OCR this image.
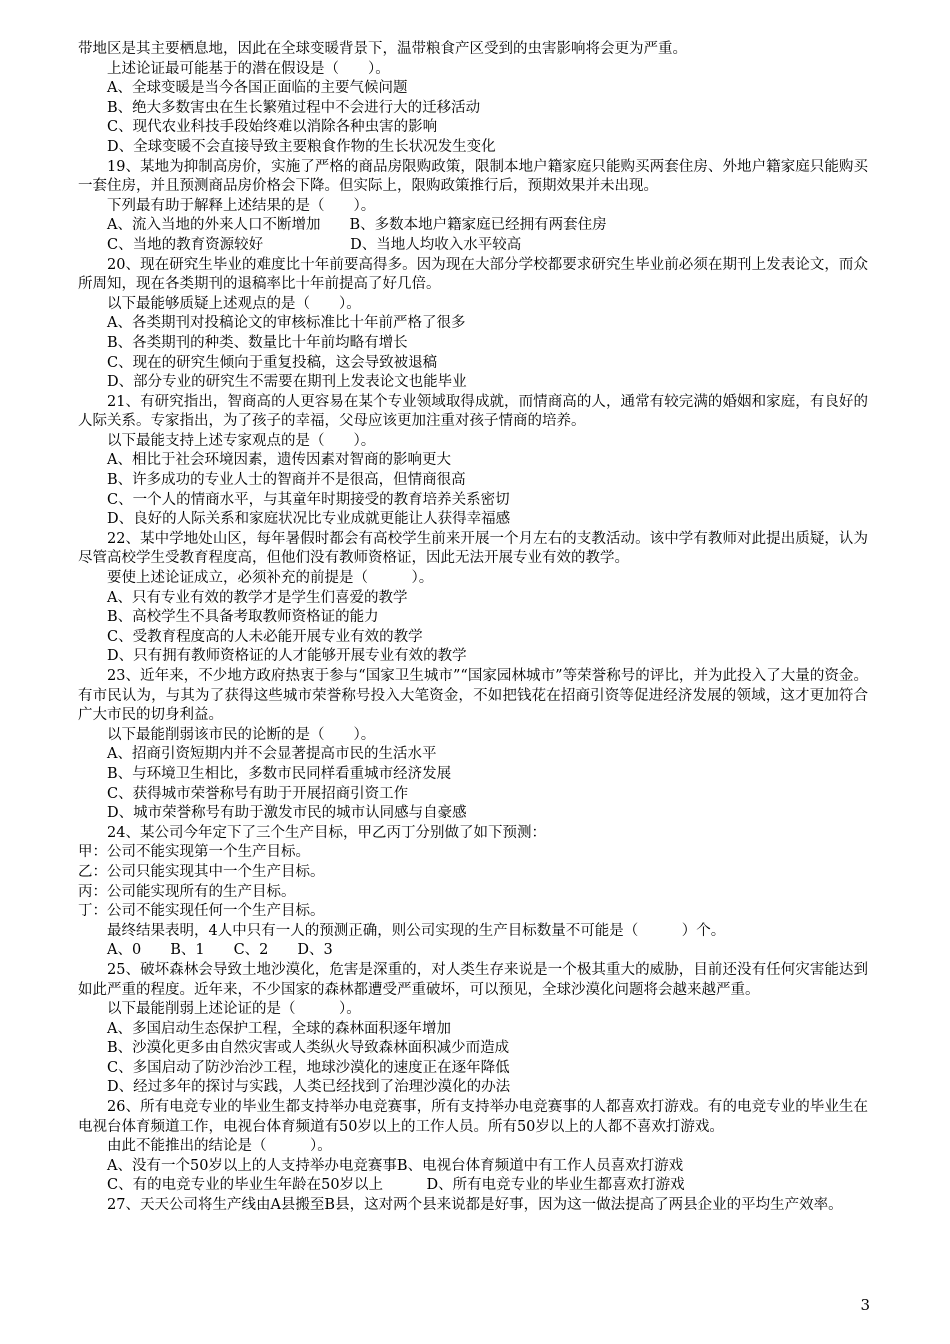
带地区是其主要栖息地，因此在全球变暖背景下，温带粮食产区受到的虫害影响将会更为严重。

上述论证最可能基于的潜在假设是（　　）。

A、全球变暖是当今各国正面临的主要气候问题

B、绝大多数害虫在生长繁殖过程中不会进行大的迁移活动

C、现代农业科技手段始终难以消除各种虫害的影响

D、全球变暖不会直接导致主要粮食作物的生长状况发生变化

19、某地为抑制高房价，实施了严格的商品房限购政策，限制本地户籍家庭只能购买两套住房、外地户籍家庭只能购买一套住房，并且预测商品房价格会下降。但实际上，限购政策推行后，预期效果并未出现。

下列最有助于解释上述结果的是（　　）。

A、流入当地的外来人口不断增加　　B、多数本地户籍家庭已经拥有两套住房

C、当地的教育资源较好　　　　　　D、当地人均收入水平较高

20、现在研究生毕业的难度比十年前要高得多。因为现在大部分学校都要求研究生毕业前必须在期刊上发表论文，而众所周知，现在各类期刊的退稿率比十年前提高了好几倍。

以下最能够质疑上述观点的是（　　）。

A、各类期刊对投稿论文的审核标准比十年前严格了很多

B、各类期刊的种类、数量比十年前均略有增长

C、现在的研究生倾向于重复投稿，这会导致被退稿

D、部分专业的研究生不需要在期刊上发表论文也能毕业

21、有研究指出，智商高的人更容易在某个专业领域取得成就，而情商高的人，通常有较完满的婚姻和家庭，有良好的人际关系。专家指出，为了孩子的幸福，父母应该更加注重对孩子情商的培养。

以下最能支持上述专家观点的是（　　）。

A、相比于社会环境因素，遗传因素对智商的影响更大

B、许多成功的专业人士的智商并不是很高，但情商很高

C、一个人的情商水平，与其童年时期接受的教育培养关系密切

D、良好的人际关系和家庭状况比专业成就更能让人获得幸福感

22、某中学地处山区，每年暑假时都会有高校学生前来开展一个月左右的支教活动。该中学有教师对此提出质疑，认为尽管高校学生受教育程度高，但他们没有教师资格证，因此无法开展专业有效的教学。

要使上述论证成立，必须补充的前提是（　　　）。

A、只有专业有效的教学才是学生们喜爱的教学

B、高校学生不具备考取教师资格证的能力

C、受教育程度高的人未必能开展专业有效的教学

D、只有拥有教师资格证的人才能够开展专业有效的教学

23、近年来，不少地方政府热衷于参与“国家卫生城市”“国家园林城市”等荣誉称号的评比，并为此投入了大量的资金。有市民认为，与其为了获得这些城市荣誉称号投入大笔资金，不如把钱花在招商引资等促进经济发展的领域，这才更加符合广大市民的切身利益。

以下最能削弱该市民的论断的是（　　）。

A、招商引资短期内并不会显著提高市民的生活水平

B、与环境卫生相比，多数市民同样看重城市经济发展

C、获得城市荣誉称号有助于开展招商引资工作

D、城市荣誉称号有助于激发市民的城市认同感与自豪感

24、某公司今年定下了三个生产目标，甲乙丙丁分别做了如下预测：

甲：公司不能实现第一个生产目标。

乙：公司只能实现其中一个生产目标。

丙：公司能实现所有的生产目标。

丁：公司不能实现任何一个生产目标。

最终结果表明，4人中只有一人的预测正确，则公司实现的生产目标数量不可能是（　　　）个。

A、0　　B、1　　C、2　　D、3

25、破坏森林会导致土地沙漠化，危害是深重的，对人类生存来说是一个极其重大的威胁，目前还没有任何灾害能达到如此严重的程度。近年来，不少国家的森林都遭受严重破坏，可以预见，全球沙漠化问题将会越来越严重。

以下最能削弱上述论证的是（　　　）。

A、多国启动生态保护工程，全球的森林面积逐年增加

B、沙漠化更多由自然灾害或人类纵火导致森林面积减少而造成

C、多国启动了防沙治沙工程，地球沙漠化的速度正在逐年降低

D、经过多年的探讨与实践，人类已经找到了治理沙漠化的办法

26、所有电竞专业的毕业生都支持举办电竞赛事，所有支持举办电竞赛事的人都喜欢打游戏。有的电竞专业的毕业生在电视台体育频道工作，电视台体育频道有50岁以上的工作人员。所有50岁以上的人都不喜欢打游戏。

由此不能推出的结论是（　　　）。

A、没有一个50岁以上的人支持举办电竞赛事B、电视台体育频道中有工作人员喜欢打游戏

C、有的电竞专业的毕业生年龄在50岁以上　　　D、所有电竞专业的毕业生都喜欢打游戏

27、天天公司将生产线由A县搬至B县，这对两个县来说都是好事，因为这一做法提高了两县企业的平均生产效率。

3
